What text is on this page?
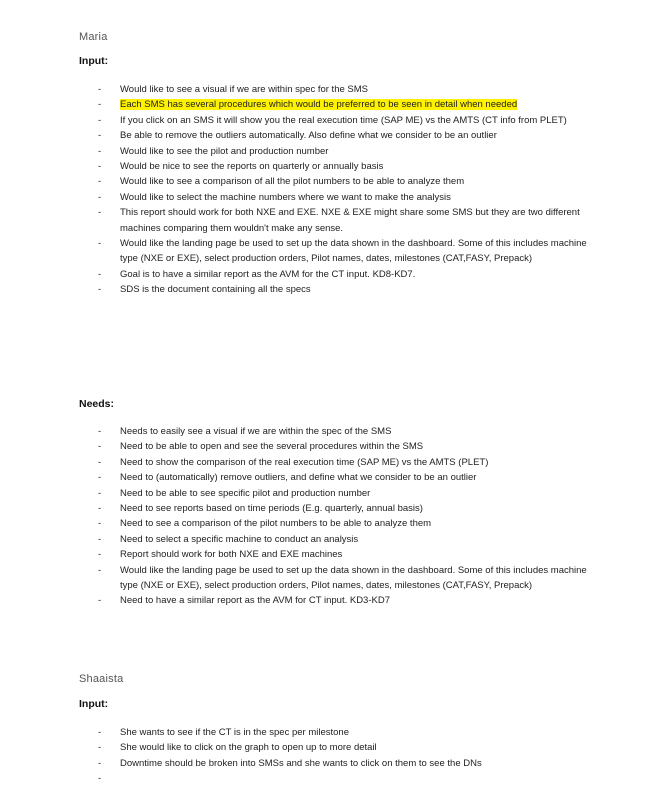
Maria
Input:
- Would like to see a visual if we are within spec for the SMS
- Each SMS has several procedures which would be preferred to be seen in detail when needed
- If you click on an SMS it will show you the real execution time (SAP ME) vs the AMTS (CT info from PLET)
- Be able to remove the outliers automatically. Also define what we consider to be an outlier
- Would like to see the pilot and production number
- Would be nice to see the reports on quarterly or annually basis
- Would like to see a comparison of all the pilot numbers to be able to analyze them
- Would like to select the machine numbers where we want to make the analysis
- This report should work for both NXE and EXE. NXE & EXE might share some SMS but they are two different machines comparing them wouldn't make any sense.
- Would like the landing page be used to set up the data shown in the dashboard. Some of this includes machine type (NXE or EXE), select production orders, Pilot names, dates, milestones (CAT,FASY, Prepack)
- Goal is to have a similar report as the AVM for the CT input. KD8-KD7.
- SDS is the document containing all the specs
Needs:
- Needs to easily see a visual if we are within the spec of the SMS
- Need to be able to open and see the several procedures within the SMS
- Need to show the comparison of the real execution time (SAP ME) vs the AMTS (PLET)
- Need to (automatically) remove outliers, and define what we consider to be an outlier
- Need to be able to see specific pilot and production number
- Need to see reports based on time periods (E.g. quarterly, annual basis)
- Need to see a comparison of the pilot numbers to be able to analyze them
- Need to select a specific machine to conduct an analysis
- Report should work for both NXE and EXE machines
- Would like the landing page be used to set up the data shown in the dashboard. Some of this includes machine type (NXE or EXE), select production orders, Pilot names, dates, milestones (CAT,FASY, Prepack)
- Need to have a similar report as the AVM for CT input. KD3-KD7
Shaaista
Input:
- She wants to see if the CT is in the spec per milestone
- She would like to click on the graph to open up to more detail
- Downtime should be broken into SMSs and she wants to click on them to see the DNs
-
